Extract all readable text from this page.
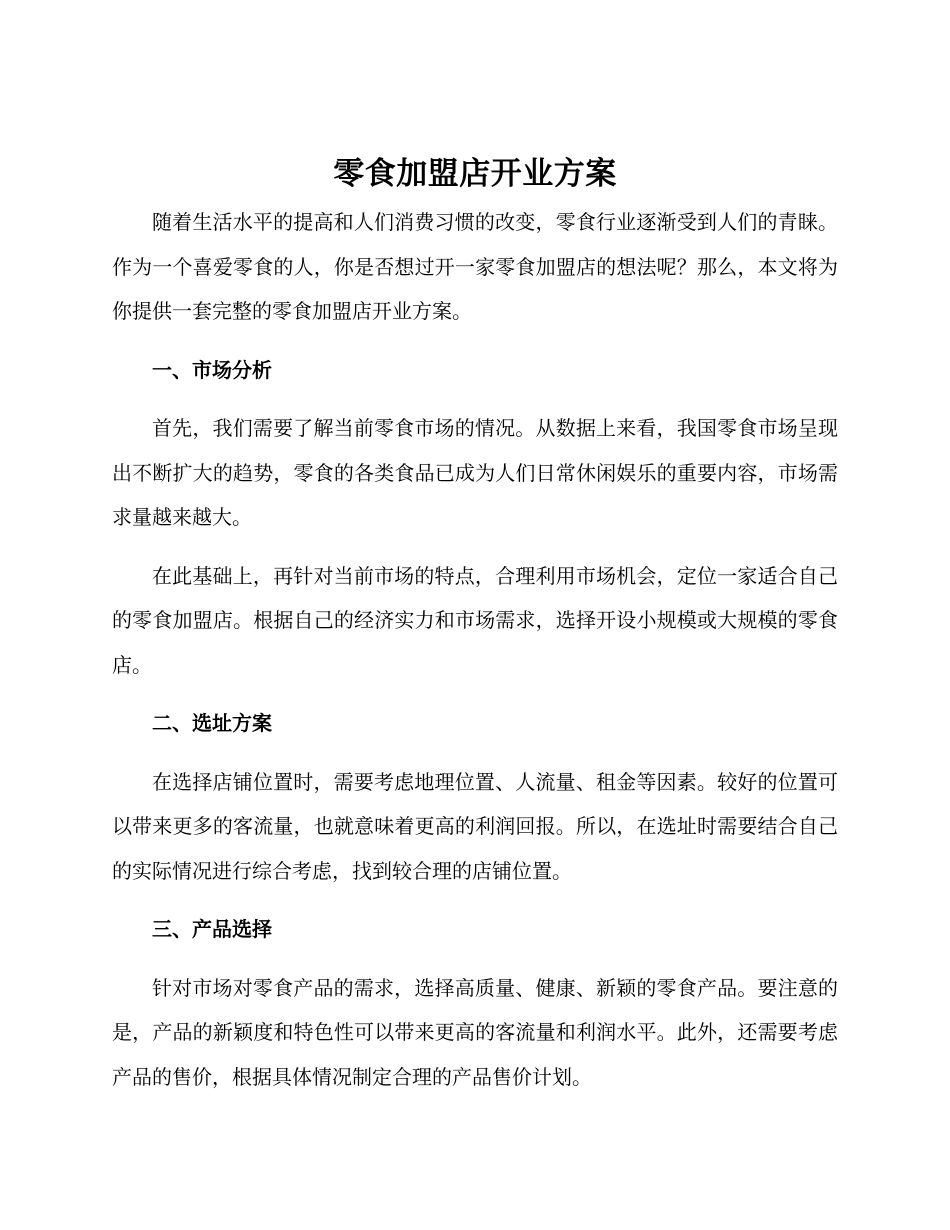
零食加盟店开业方案

随着生活水平的提高和人们消费习惯的改变，零食行业逐渐受到人们的青睐。作为一个喜爱零食的人，你是否想过开一家零食加盟店的想法呢？那么，本文将为你提供一套完整的零食加盟店开业方案。

一、市场分析

首先，我们需要了解当前零食市场的情况。从数据上来看，我国零食市场呈现出不断扩大的趋势，零食的各类食品已成为人们日常休闲娱乐的重要内容，市场需求量越来越大。

在此基础上，再针对当前市场的特点，合理利用市场机会，定位一家适合自己的零食加盟店。根据自己的经济实力和市场需求，选择开设小规模或大规模的零食店。

二、选址方案

在选择店铺位置时，需要考虑地理位置、人流量、租金等因素。较好的位置可以带来更多的客流量，也就意味着更高的利润回报。所以，在选址时需要结合自己的实际情况进行综合考虑，找到较合理的店铺位置。

三、产品选择

针对市场对零食产品的需求，选择高质量、健康、新颖的零食产品。要注意的是，产品的新颖度和特色性可以带来更高的客流量和利润水平。此外，还需要考虑产品的售价，根据具体情况制定合理的产品售价计划。
